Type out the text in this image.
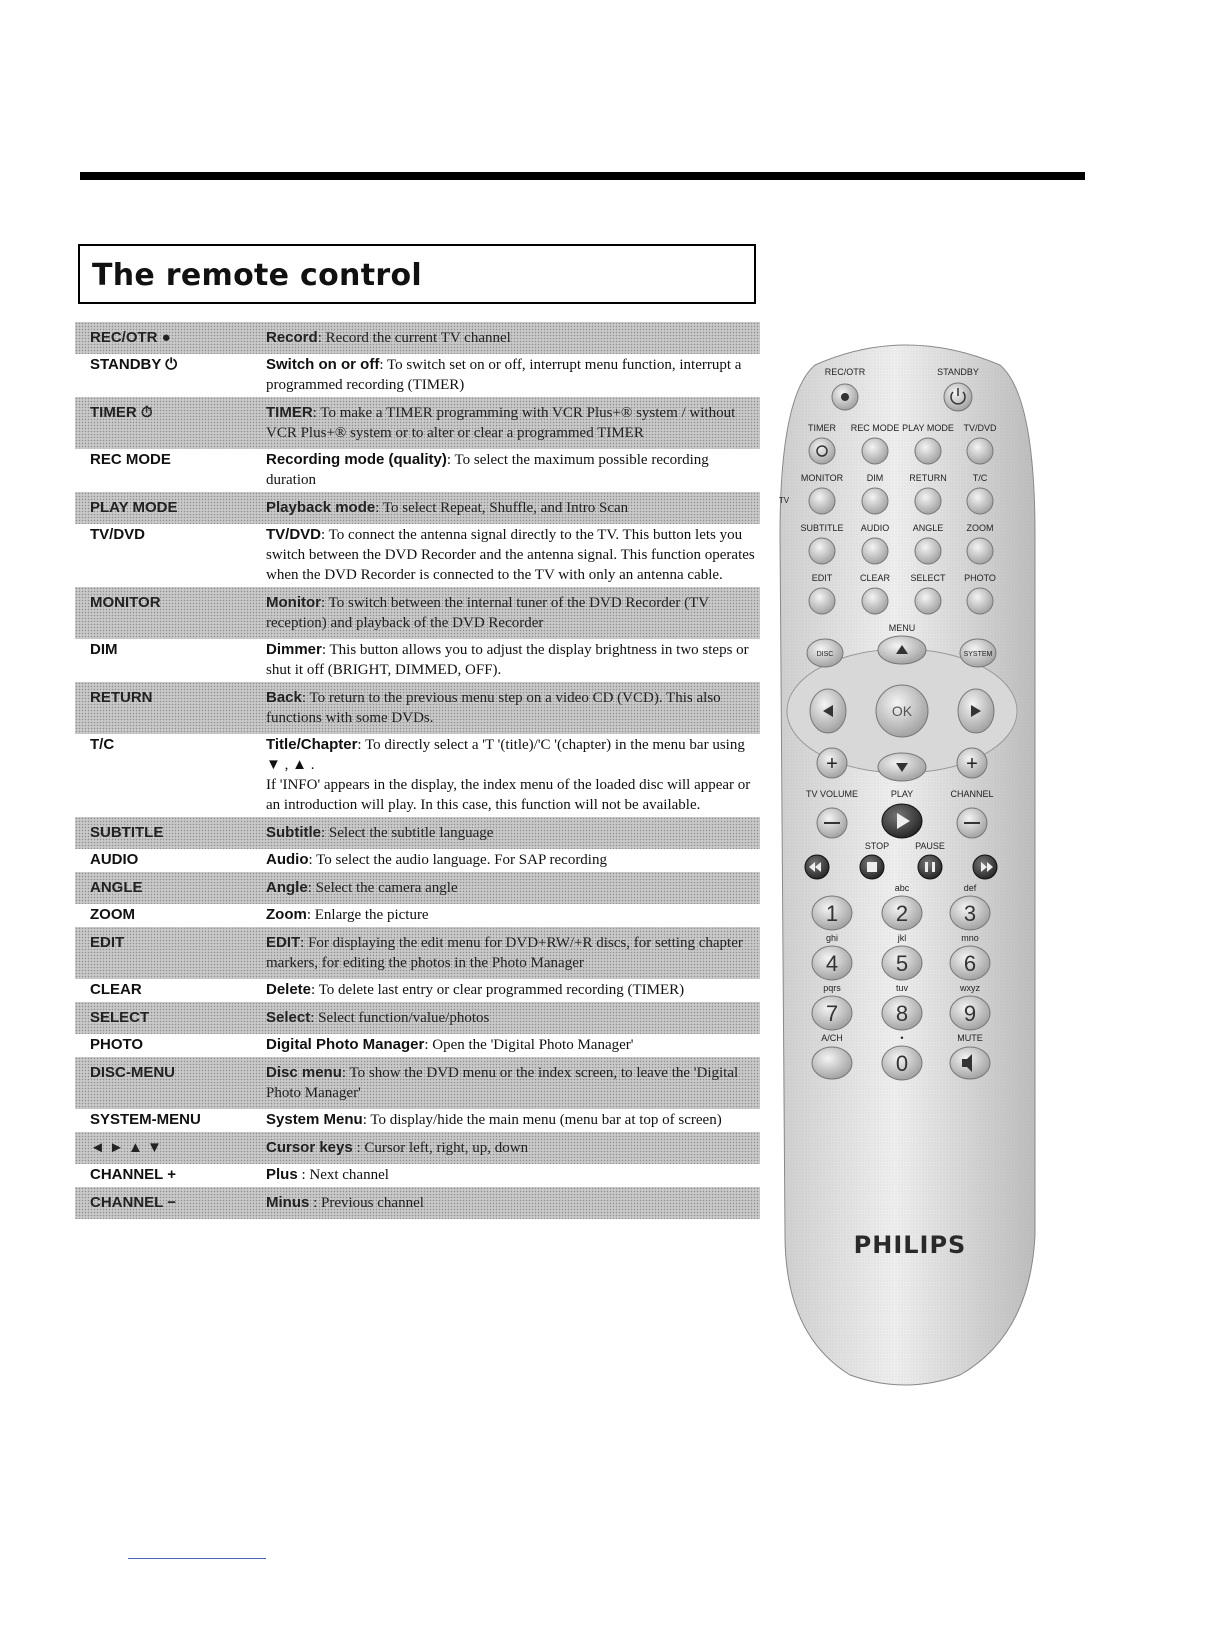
The remote control
REC/OTR ●	Record: Record the current TV channel
STANDBY ⏻	Switch on or off: To switch set on or off, interrupt menu function, interrupt a programmed recording (TIMER)
TIMER ⏱	TIMER: To make a TIMER programming with VCR Plus+® system / without VCR Plus+® system or to alter or clear a programmed TIMER
REC MODE	Recording mode (quality): To select the maximum possible recording duration
PLAY MODE	Playback mode: To select Repeat, Shuffle, and Intro Scan
TV/DVD	TV/DVD: To connect the antenna signal directly to the TV. This button lets you switch between the DVD Recorder and the antenna signal. This function operates when the DVD Recorder is connected to the TV with only an antenna cable.
MONITOR	Monitor: To switch between the internal tuner of the DVD Recorder (TV reception) and playback of the DVD Recorder
DIM	Dimmer: This button allows you to adjust the display brightness in two steps or shut it off (BRIGHT, DIMMED, OFF).
RETURN	Back: To return to the previous menu step on a video CD (VCD). This also functions with some DVDs.
T/C	Title/Chapter: To directly select a 'T '(title)/'C '(chapter) in the menu bar using ▼ , ▲ .
If 'INFO' appears in the display, the index menu of the loaded disc will appear or an introduction will play. In this case, this function will not be available.
SUBTITLE	Subtitle: Select the subtitle language
AUDIO	Audio: To select the audio language. For SAP recording
ANGLE	Angle: Select the camera angle
ZOOM	Zoom: Enlarge the picture
EDIT	EDIT: For displaying the edit menu for DVD+RW/+R discs, for setting chapter markers, for editing the photos in the Photo Manager
CLEAR	Delete: To delete last entry or clear programmed recording (TIMER)
SELECT	Select: Select function/value/photos
PHOTO	Digital Photo Manager: Open the 'Digital Photo Manager'
DISC-MENU	Disc menu: To show the DVD menu or the index screen, to leave the 'Digital Photo Manager'
SYSTEM-MENU	System Menu: To display/hide the main menu (menu bar at top of screen)
◄ ► ▲ ▼	Cursor keys : Cursor left, right, up, down
CHANNEL +	Plus : Next channel
CHANNEL −	Minus : Previous channel
REC/OTR	STANDBY
TIMER REC MODE PLAY MODE TV/DVD
MONITOR	DIM	RETURN	T/C
TV
SUBTITLE AUDIO	ANGLE	ZOOM
EDIT	CLEAR SELECT PHOTO
MENU
DISC	SYSTEM
OK
+	+
TV VOLUME	PLAY	CHANNEL
STOP	PAUSE
abc	def
ghi	jkl	mno
pqrs	tuv	wxyz
A/CH	•	MUTE
1	2	3
4	5	6
7	8	9
0
PHILIPS
